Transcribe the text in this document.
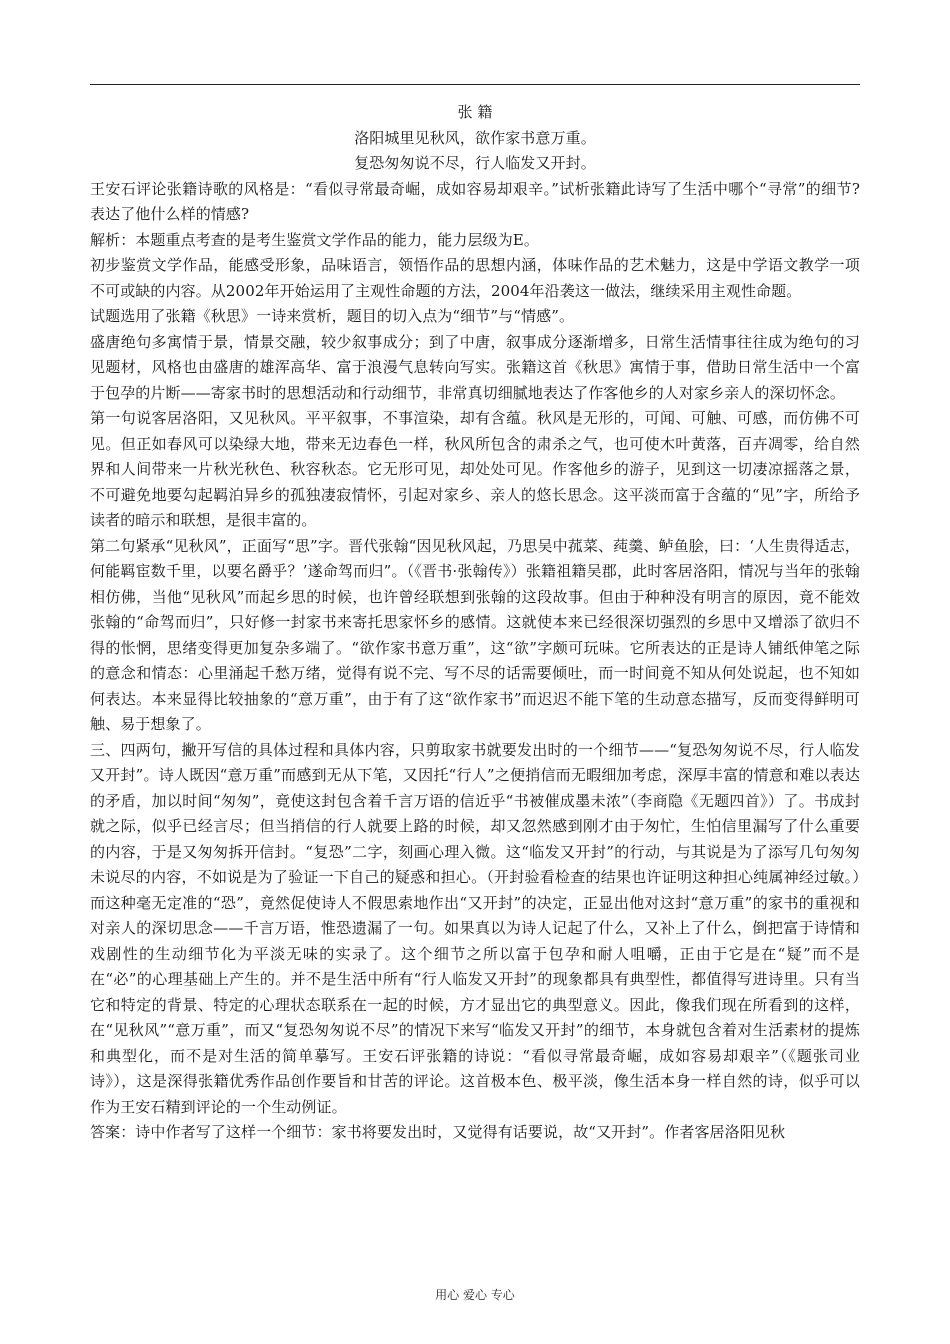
张 籍

洛阳城里见秋风，欲作家书意万重。

复恐匆匆说不尽，行人临发又开封。

王安石评论张籍诗歌的风格是：“看似寻常最奇崛，成如容易却艰辛。”试析张籍此诗写了生活中哪个“寻常”的细节?表达了他什么样的情感?

解析：本题重点考查的是考生鉴赏文学作品的能力，能力层级为E。

初步鉴赏文学作品，能感受形象，品味语言，领悟作品的思想内涵，体味作品的艺术魅力，这是中学语文教学一项不可或缺的内容。从2002年开始运用了主观性命题的方法，2004年沿袭这一做法，继续采用主观性命题。

试题选用了张籍《秋思》一诗来赏析，题目的切入点为“细节”与“情感”。

盛唐绝句多寓情于景，情景交融，较少叙事成分；到了中唐，叙事成分逐渐增多，日常生活情事往往成为绝句的习见题材，风格也由盛唐的雄浑高华、富于浪漫气息转向写实。张籍这首《秋思》寓情于事，借助日常生活中一个富于包孕的片断——寄家书时的思想活动和行动细节，非常真切细腻地表达了作客他乡的人对家乡亲人的深切怀念。

第一句说客居洛阳，又见秋风。平平叙事，不事渲染，却有含蕴。秋风是无形的，可闻、可触、可感，而仿佛不可见。但正如春风可以染绿大地，带来无边春色一样，秋风所包含的肃杀之气，也可使木叶黄落，百卉凋零，给自然界和人间带来一片秋光秋色、秋容秋态。它无形可见，却处处可见。作客他乡的游子，见到这一切凄凉摇落之景，不可避免地要勾起羁泊异乡的孤独凄寂情怀，引起对家乡、亲人的悠长思念。这平淡而富于含蕴的“见”字，所给予读者的暗示和联想，是很丰富的。

第二句紧承“见秋风”，正面写“思”字。晋代张翰“因见秋风起，乃思吴中菰菜、莼羹、鲈鱼脍，曰：‘人生贵得适志，何能羁宦数千里，以要名爵乎？’遂命驾而归”。（《晋书·张翰传》）张籍祖籍吴郡，此时客居洛阳，情况与当年的张翰相仿佛，当他“见秋风”而起乡思的时候，也许曾经联想到张翰的这段故事。但由于种种没有明言的原因，竟不能效张翰的“命驾而归”，只好修一封家书来寄托思家怀乡的感情。这就使本来已经很深切强烈的乡思中又增添了欲归不得的怅惘，思绪变得更加复杂多端了。“欲作家书意万重”，这“欲”字颇可玩味。它所表达的正是诗人铺纸伸笔之际的意念和情态：心里涌起千愁万绪，觉得有说不完、写不尽的话需要倾吐，而一时间竟不知从何处说起，也不知如何表达。本来显得比较抽象的“意万重”，由于有了这“欲作家书”而迟迟不能下笔的生动意态描写，反而变得鲜明可触、易于想象了。

三、四两句，撇开写信的具体过程和具体内容，只剪取家书就要发出时的一个细节——“复恐匆匆说不尽，行人临发又开封”。诗人既因“意万重”而感到无从下笔，又因托“行人”之便捎信而无暇细加考虑，深厚丰富的情意和难以表达的矛盾，加以时间“匆匆”，竟使这封包含着千言万语的信近乎“书被催成墨未浓”（李商隐《无题四首》）了。书成封就之际，似乎已经言尽；但当捎信的行人就要上路的时候，却又忽然感到刚才由于匆忙，生怕信里漏写了什么重要的内容，于是又匆匆拆开信封。“复恐”二字，刻画心理入微。这“临发又开封”的行动，与其说是为了添写几句匆匆未说尽的内容，不如说是为了验证一下自己的疑惑和担心。（开封验看检查的结果也许证明这种担心纯属神经过敏。）而这种毫无定准的“恐”，竟然促使诗人不假思索地作出“又开封”的决定，正显出他对这封“意万重”的家书的重视和对亲人的深切思念——千言万语，惟恐遗漏了一句。如果真以为诗人记起了什么，又补上了什么，倒把富于诗情和戏剧性的生动细节化为平淡无味的实录了。这个细节之所以富于包孕和耐人咀嚼，正由于它是在“疑”而不是在“必”的心理基础上产生的。并不是生活中所有“行人临发又开封”的现象都具有典型性，都值得写进诗里。只有当它和特定的背景、特定的心理状态联系在一起的时候，方才显出它的典型意义。因此，像我们现在所看到的这样，在“见秋风”“意万重”，而又“复恐匆匆说不尽”的情况下来写“临发又开封”的细节，本身就包含着对生活素材的提炼和典型化，而不是对生活的简单摹写。王安石评张籍的诗说：“看似寻常最奇崛，成如容易却艰辛”（《题张司业诗》），这是深得张籍优秀作品创作要旨和甘苦的评论。这首极本色、极平淡，像生活本身一样自然的诗，似乎可以作为王安石精到评论的一个生动例证。

答案：诗中作者写了这样一个细节：家书将要发出时，又觉得有话要说，故“又开封”。作者客居洛阳见秋

用心 爱心 专心
